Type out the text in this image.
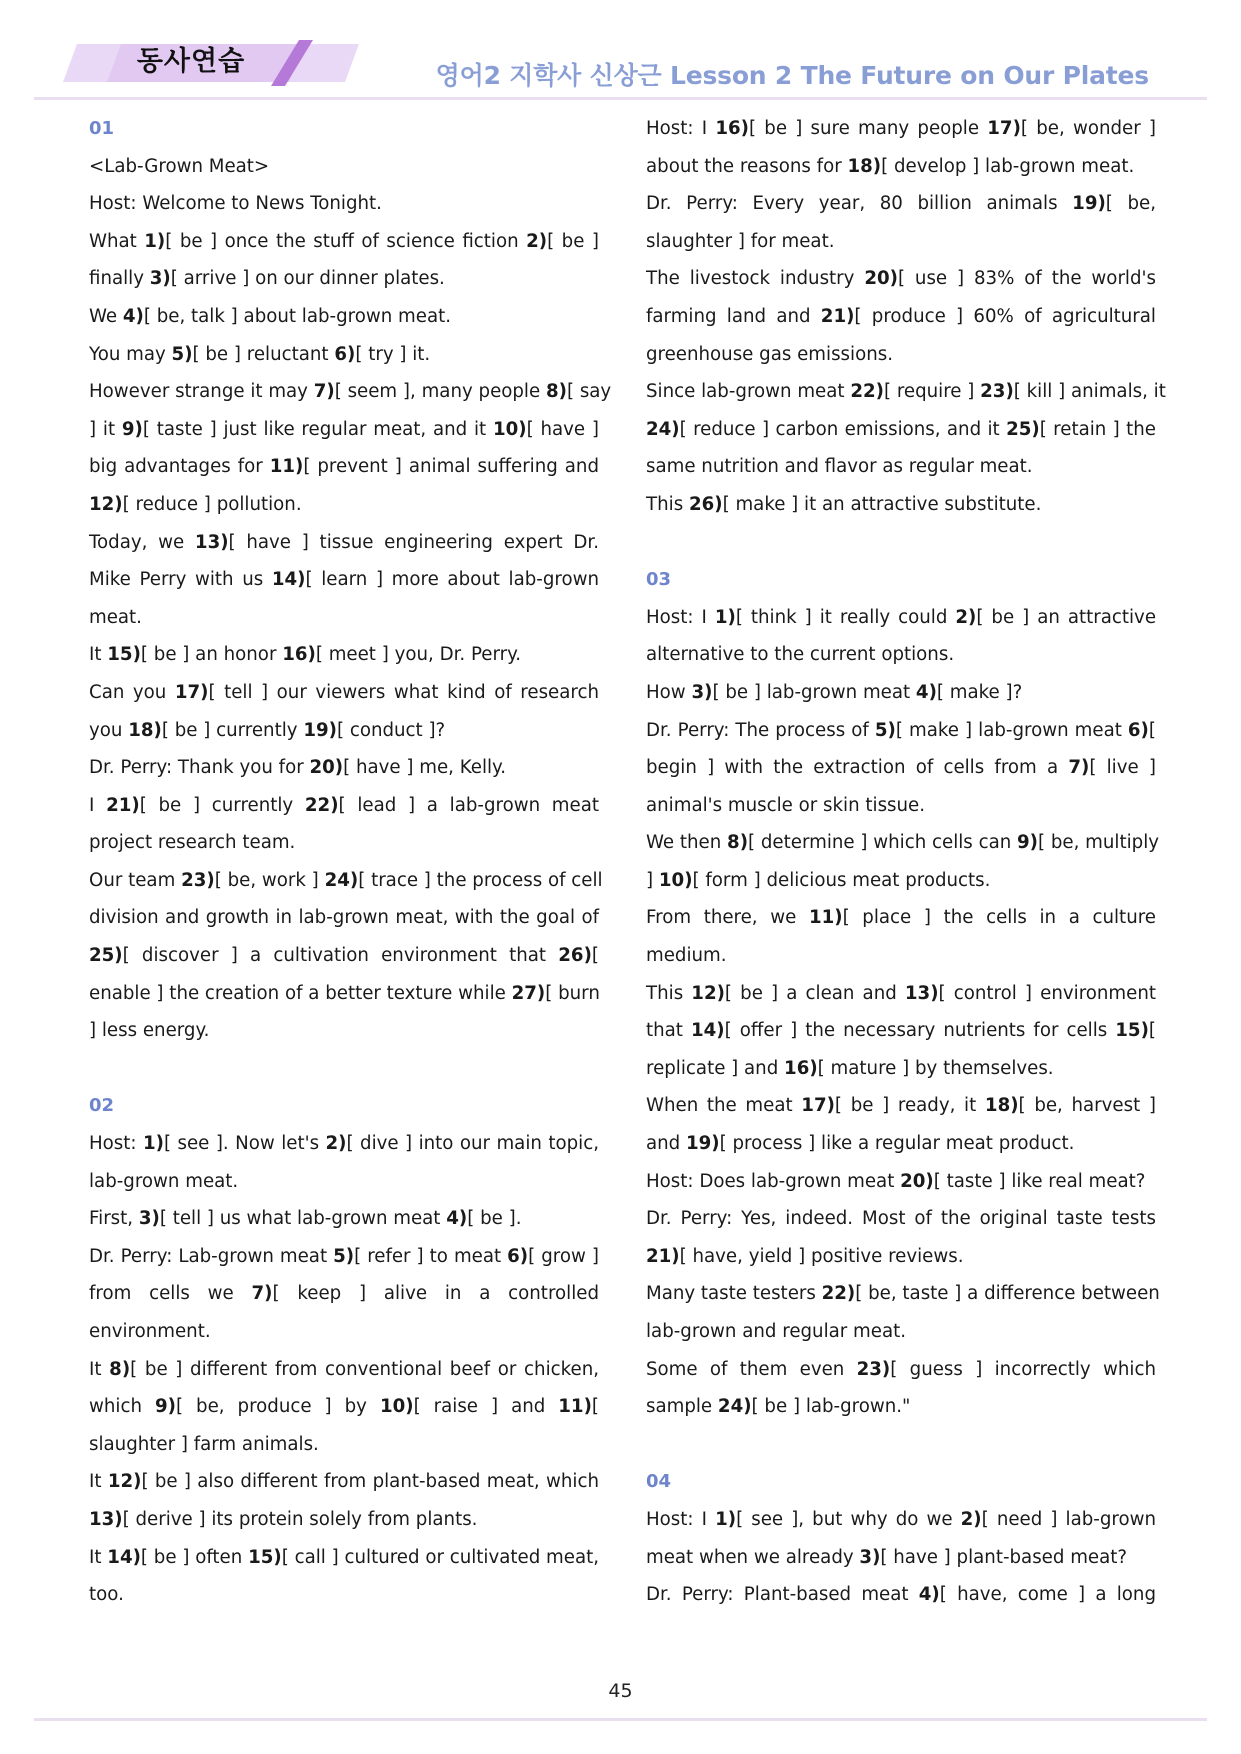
동사연습	영어2 지학사 신상근 Lesson 2 The Future on Our Plates
01
<Lab-Grown Meat>
Host: Welcome to News Tonight.
What 1)[ be ] once the stuff of science fiction 2)[ be ]
finally 3)[ arrive ] on our dinner plates.
We 4)[ be, talk ] about lab-grown meat.
You may 5)[ be ] reluctant 6)[ try ] it.
However strange it may 7)[ seem ], many people 8)[ say
] it 9)[ taste ] just like regular meat, and it 10)[ have ]
big advantages for 11)[ prevent ] animal suffering and
12)[ reduce ] pollution.
Today, we 13)[ have ] tissue engineering expert Dr.
Mike Perry with us 14)[ learn ] more about lab-grown
meat.
It 15)[ be ] an honor 16)[ meet ] you, Dr. Perry.
Can you 17)[ tell ] our viewers what kind of research
you 18)[ be ] currently 19)[ conduct ]?
Dr. Perry: Thank you for 20)[ have ] me, Kelly.
I 21)[ be ] currently 22)[ lead ] a lab-grown meat
project research team.
Our team 23)[ be, work ] 24)[ trace ] the process of cell
division and growth in lab-grown meat, with the goal of
25)[ discover ] a cultivation environment that 26)[
enable ] the creation of a better texture while 27)[ burn
] less energy.
02
Host: 1)[ see ]. Now let's 2)[ dive ] into our main topic,
lab-grown meat.
First, 3)[ tell ] us what lab-grown meat 4)[ be ].
Dr. Perry: Lab-grown meat 5)[ refer ] to meat 6)[ grow ]
from cells we 7)[ keep ] alive in a controlled
environment.
It 8)[ be ] different from conventional beef or chicken,
which 9)[ be, produce ] by 10)[ raise ] and 11)[
slaughter ] farm animals.
It 12)[ be ] also different from plant-based meat, which
13)[ derive ] its protein solely from plants.
It 14)[ be ] often 15)[ call ] cultured or cultivated meat,
too.
Host: I 16)[ be ] sure many people 17)[ be, wonder ]
about the reasons for 18)[ develop ] lab-grown meat.
Dr. Perry: Every year, 80 billion animals 19)[ be,
slaughter ] for meat.
The livestock industry 20)[ use ] 83% of the world's
farming land and 21)[ produce ] 60% of agricultural
greenhouse gas emissions.
Since lab-grown meat 22)[ require ] 23)[ kill ] animals, it
24)[ reduce ] carbon emissions, and it 25)[ retain ] the
same nutrition and flavor as regular meat.
This 26)[ make ] it an attractive substitute.
03
Host: I 1)[ think ] it really could 2)[ be ] an attractive
alternative to the current options.
How 3)[ be ] lab-grown meat 4)[ make ]?
Dr. Perry: The process of 5)[ make ] lab-grown meat 6)[
begin ] with the extraction of cells from a 7)[ live ]
animal's muscle or skin tissue.
We then 8)[ determine ] which cells can 9)[ be, multiply
] 10)[ form ] delicious meat products.
From there, we 11)[ place ] the cells in a culture
medium.
This 12)[ be ] a clean and 13)[ control ] environment
that 14)[ offer ] the necessary nutrients for cells 15)[
replicate ] and 16)[ mature ] by themselves.
When the meat 17)[ be ] ready, it 18)[ be, harvest ]
and 19)[ process ] like a regular meat product.
Host: Does lab-grown meat 20)[ taste ] like real meat?
Dr. Perry: Yes, indeed. Most of the original taste tests
21)[ have, yield ] positive reviews.
Many taste testers 22)[ be, taste ] a difference between
lab-grown and regular meat.
Some of them even 23)[ guess ] incorrectly which
sample 24)[ be ] lab-grown."
04
Host: I 1)[ see ], but why do we 2)[ need ] lab-grown
meat when we already 3)[ have ] plant-based meat?
Dr. Perry: Plant-based meat 4)[ have, come ] a long
45
